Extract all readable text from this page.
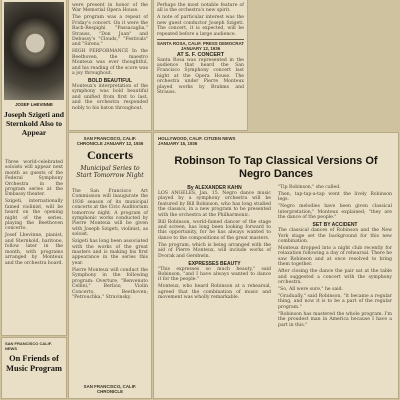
JOSEF LHEVINNE
Joseph Szigeti and Sternkold Also to Appear

Three world-celebrated soloists will appear next month as guests of the Federal Symphony Orchestra in the program series at the Embassy theater.

Szigeti, internationally famed violinist, will be heard on the opening night of the series, playing the Beethoven concerto.

Josef Lhevinne, pianist, and Sternkold, baritone, follow later in the month, with programs arranged by Monteux and the orchestra board.

SAN FRANCISCO CALIF. NEWS
On Friends of Music Program

were present in honor of the War Memorial Opera House.

The program was a repeat of Friday's concert. On it were the Bach-Respighi "Passacaglia," Strauss, "Don Juan" and Debussy's "Clouds," "Festivals" and "Sirens."

HIGH PERFORMANCE In the Beethoven, the maestro Monteux was ever thoughtful, and his reading of the score was a joy throughout.

BOLD BEAUTIFUL

Monteux's interpretation of the symphony was bold beautiful and unified from first to last, and the orchestra responded nobly to his baton throughout.

SAN FRANCISCO, CALIF. CHRONICLE JANUARY 12, 1936
Concerts
Municipal Series to Start Tomorrow Night

The San Francisco Art Commission will inaugurate the 1936 season of its municipal concerts at the Civic Auditorium tomorrow night. A program of symphonic works conducted by Pierre Monteux will be given with Joseph Szigeti, violinist, as soloist.

Szigeti has long been associated with the works of the great masters and is making his first appearance in the series this year.

Pierre Monteux will conduct the Symphony in the following program: Overture, "Benvenuto Cellini," Berlioz; Violin Concerto, Beethoven; "Petrouchka," Stravinsky.

SAN FRANCISCO, CALIF. CHRONICLE

Perhaps the most notable feature of all is the orchestra's new spirit.

A note of particular interest was the new guest conductor Joseph Szigeti. The concert, it is expected, will be repeated before a large audience.

SANTA ROSA, CALIF. PRESS DEMOCRAT JANUARY 12, 1936
AT S. F. CONCERT

Santa Rosa was represented in the audience that heard the San Francisco Symphony concert last night at the Opera House. The orchestra under Pierre Monteux played works by Brahms and Strauss.

HOLLYWOOD, CALIF. CITIZEN NEWS JANUARY 15, 1936
Robinson To Tap Classical Versions Of Negro Dances
By ALEXANDER KAHN

LOS ANGELES, Jan. 15. Negro dance music played by a symphony orchestra will be featured by Bill Robinson, who has long studied the classics, in a new program to be presented with the orchestra at the Philharmonic.

Bill Robinson, world-famed dancer of the stage and screen, has long been looking forward to this opportunity, for he has always wanted to dance to the compositions of the great masters.

The program, which is being arranged with the aid of Pierre Monteux, will include works of Dvorak and Gershwin.

EXPRESSES BEAUTY

"This expresses so much beauty," said Robinson, "and I have always wanted to dance it for the people."

Monteux, who heard Robinson at a rehearsal, agreed that the combination of music and movement was wholly remarkable.

"Tip Robinson," she called.

Then, tap-tap-a-tap went the lively Robinson legs.

"Negro melodies have been given classical interpretation," Monteux explained; "they are the dance of the people."

SET BY ACCIDENT

The classical dances of Robinson and the New York stage set the background for this new combination.

Monteux dropped into a night club recently for relaxation following a day of rehearsal. There he saw Robinson and at once resolved to bring them together.

After closing the dance the pair sat at the table and suggested a concert with the symphony orchestra.

"So, All were sure," he said.

"Gradually," said Robinson, "it became a regular thing, and now it is to be a part of the regular program."

"Robinson has mastered the whole program. I'm the proudest man in America because I have a part in this."
